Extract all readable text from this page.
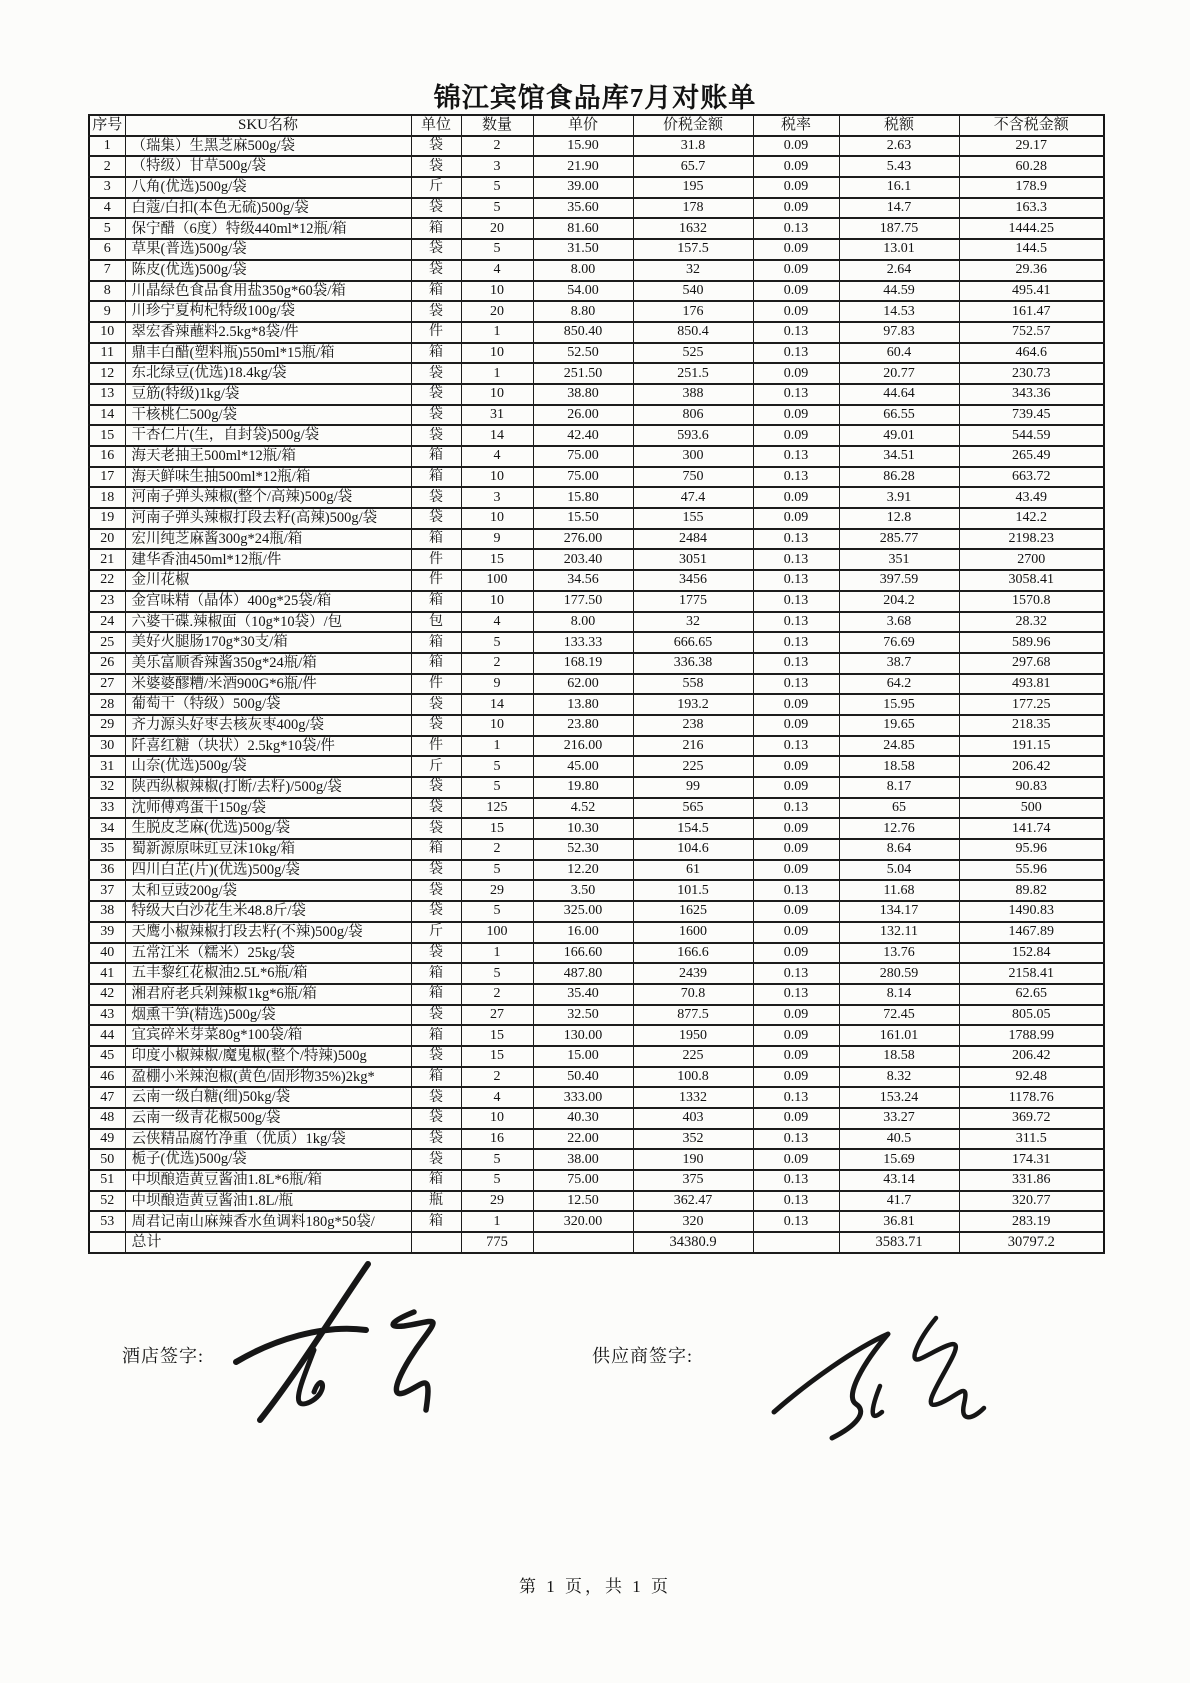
锦江宾馆食品库7月对账单
序号	SKU名称	单位	数量	单价	价税金额	税率	税额	不含税金额
1	（瑞集）生黑芝麻500g/袋	袋	2	15.90	31.8	0.09	2.63	29.17
2	（特级）甘草500g/袋	袋	3	21.90	65.7	0.09	5.43	60.28
3	八角(优选)500g/袋	斤	5	39.00	195	0.09	16.1	178.9
4	白蔻/白扣(本色无硫)500g/袋	袋	5	35.60	178	0.09	14.7	163.3
5	保宁醋（6度）特级440ml*12瓶/箱	箱	20	81.60	1632	0.13	187.75	1444.25
6	草果(普选)500g/袋	袋	5	31.50	157.5	0.09	13.01	144.5
7	陈皮(优选)500g/袋	袋	4	8.00	32	0.09	2.64	29.36
8	川晶绿色食品食用盐350g*60袋/箱	箱	10	54.00	540	0.09	44.59	495.41
9	川珍宁夏枸杞特级100g/袋	袋	20	8.80	176	0.09	14.53	161.47
10	翠宏香辣蘸料2.5kg*8袋/件	件	1	850.40	850.4	0.13	97.83	752.57
11	鼎丰白醋(塑料瓶)550ml*15瓶/箱	箱	10	52.50	525	0.13	60.4	464.6
12	东北绿豆(优选)18.4kg/袋	袋	1	251.50	251.5	0.09	20.77	230.73
13	豆筋(特级)1kg/袋	袋	10	38.80	388	0.13	44.64	343.36
14	干核桃仁500g/袋	袋	31	26.00	806	0.09	66.55	739.45
15	干杏仁片(生，自封袋)500g/袋	袋	14	42.40	593.6	0.09	49.01	544.59
16	海天老抽王500ml*12瓶/箱	箱	4	75.00	300	0.13	34.51	265.49
17	海天鲜味生抽500ml*12瓶/箱	箱	10	75.00	750	0.13	86.28	663.72
18	河南子弹头辣椒(整个/高辣)500g/袋	袋	3	15.80	47.4	0.09	3.91	43.49
19	河南子弹头辣椒打段去籽(高辣)500g/袋	袋	10	15.50	155	0.09	12.8	142.2
20	宏川纯芝麻酱300g*24瓶/箱	箱	9	276.00	2484	0.13	285.77	2198.23
21	建华香油450ml*12瓶/件	件	15	203.40	3051	0.13	351	2700
22	金川花椒	件	100	34.56	3456	0.13	397.59	3058.41
23	金宫味精（晶体）400g*25袋/箱	箱	10	177.50	1775	0.13	204.2	1570.8
24	六婆干碟.辣椒面（10g*10袋）/包	包	4	8.00	32	0.13	3.68	28.32
25	美好火腿肠170g*30支/箱	箱	5	133.33	666.65	0.13	76.69	589.96
26	美乐富顺香辣酱350g*24瓶/箱	箱	2	168.19	336.38	0.13	38.7	297.68
27	米婆婆醪糟/米酒900G*6瓶/件	件	9	62.00	558	0.13	64.2	493.81
28	葡萄干（特级）500g/袋	袋	14	13.80	193.2	0.09	15.95	177.25
29	齐力源头好枣去核灰枣400g/袋	袋	10	23.80	238	0.09	19.65	218.35
30	阡喜红糖（块状）2.5kg*10袋/件	件	1	216.00	216	0.13	24.85	191.15
31	山奈(优选)500g/袋	斤	5	45.00	225	0.09	18.58	206.42
32	陕西纵椒辣椒(打断/去籽)/500g/袋	袋	5	19.80	99	0.09	8.17	90.83
33	沈师傅鸡蛋干150g/袋	袋	125	4.52	565	0.13	65	500
34	生脱皮芝麻(优选)500g/袋	袋	15	10.30	154.5	0.09	12.76	141.74
35	蜀新源原味豇豆沫10kg/箱	箱	2	52.30	104.6	0.09	8.64	95.96
36	四川白芷(片)(优选)500g/袋	袋	5	12.20	61	0.09	5.04	55.96
37	太和豆豉200g/袋	袋	29	3.50	101.5	0.13	11.68	89.82
38	特级大白沙花生米48.8斤/袋	袋	5	325.00	1625	0.09	134.17	1490.83
39	天鹰小椒辣椒打段去籽(不辣)500g/袋	斤	100	16.00	1600	0.09	132.11	1467.89
40	五常江米（糯米）25kg/袋	袋	1	166.60	166.6	0.09	13.76	152.84
41	五丰黎红花椒油2.5L*6瓶/箱	箱	5	487.80	2439	0.13	280.59	2158.41
42	湘君府老兵剁辣椒1kg*6瓶/箱	箱	2	35.40	70.8	0.13	8.14	62.65
43	烟熏干笋(精选)500g/袋	袋	27	32.50	877.5	0.09	72.45	805.05
44	宜宾碎米芽菜80g*100袋/箱	箱	15	130.00	1950	0.09	161.01	1788.99
45	印度小椒辣椒/魔鬼椒(整个/特辣)500g	袋	15	15.00	225	0.09	18.58	206.42
46	盈棚小米辣泡椒(黄色/固形物35%)2kg*	箱	2	50.40	100.8	0.09	8.32	92.48
47	云南一级白糖(细)50kg/袋	袋	4	333.00	1332	0.13	153.24	1178.76
48	云南一级青花椒500g/袋	袋	10	40.30	403	0.09	33.27	369.72
49	云侠精品腐竹净重（优质）1kg/袋	袋	16	22.00	352	0.13	40.5	311.5
50	栀子(优选)500g/袋	袋	5	38.00	190	0.09	15.69	174.31
51	中坝酿造黄豆酱油1.8L*6瓶/箱	箱	5	75.00	375	0.13	43.14	331.86
52	中坝酿造黄豆酱油1.8L/瓶	瓶	29	12.50	362.47	0.13	41.7	320.77
53	周君记南山麻辣香水鱼调料180g*50袋/	箱	1	320.00	320	0.13	36.81	283.19
	总计		775		34380.9		3583.71	30797.2
酒店签字:	供应商签字:
第 1 页，共 1 页
